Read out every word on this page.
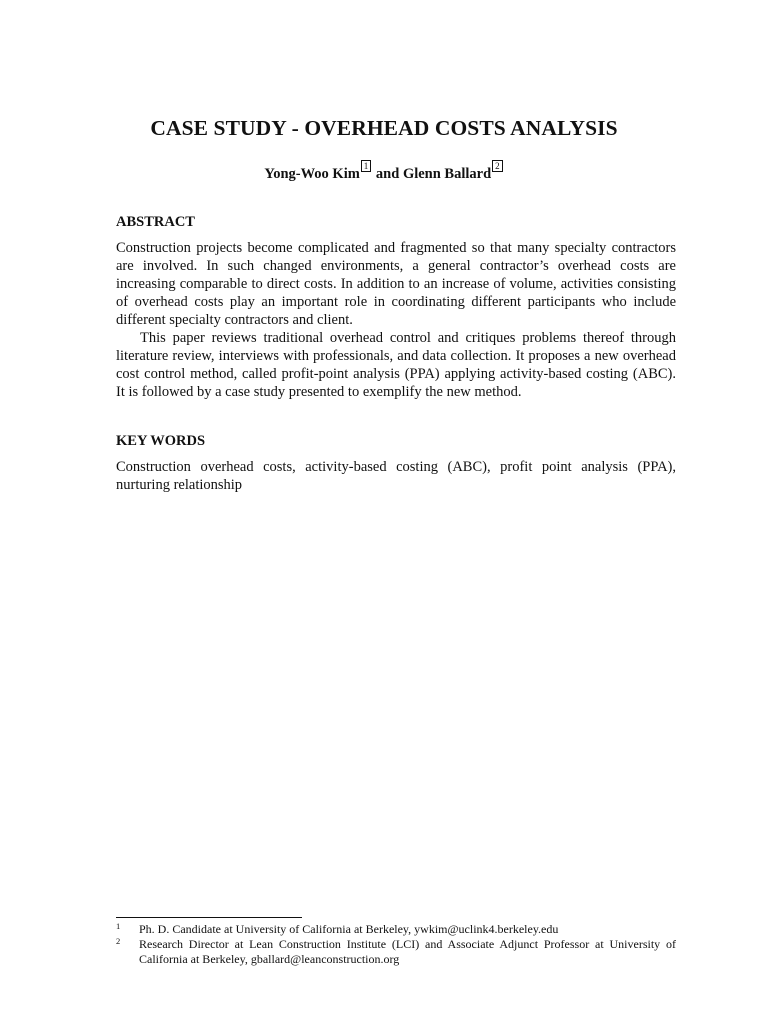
CASE STUDY - OVERHEAD COSTS ANALYSIS
Yong-Woo Kim 1 and Glenn Ballard 2
ABSTRACT

Construction projects become complicated and fragmented so that many specialty contractors are involved. In such changed environments, a general contractor’s overhead costs are increasing comparable to direct costs. In addition to an increase of volume, activities consisting of overhead costs play an important role in coordinating different participants who include different specialty contractors and client.

This paper reviews traditional overhead control and critiques problems thereof through literature review, interviews with professionals, and data collection. It proposes a new overhead cost control method, called profit-point analysis (PPA) applying activity-based costing (ABC). It is followed by a case study presented to exemplify the new method.

KEY WORDS

Construction overhead costs, activity-based costing (ABC), profit point analysis (PPA), nurturing relationship

1 Ph. D. Candidate at University of California at Berkeley, ywkim@uclink4.berkeley.edu
2 Research Director at Lean Construction Institute (LCI) and Associate Adjunct Professor at University of California at Berkeley, gballard@leanconstruction.org
